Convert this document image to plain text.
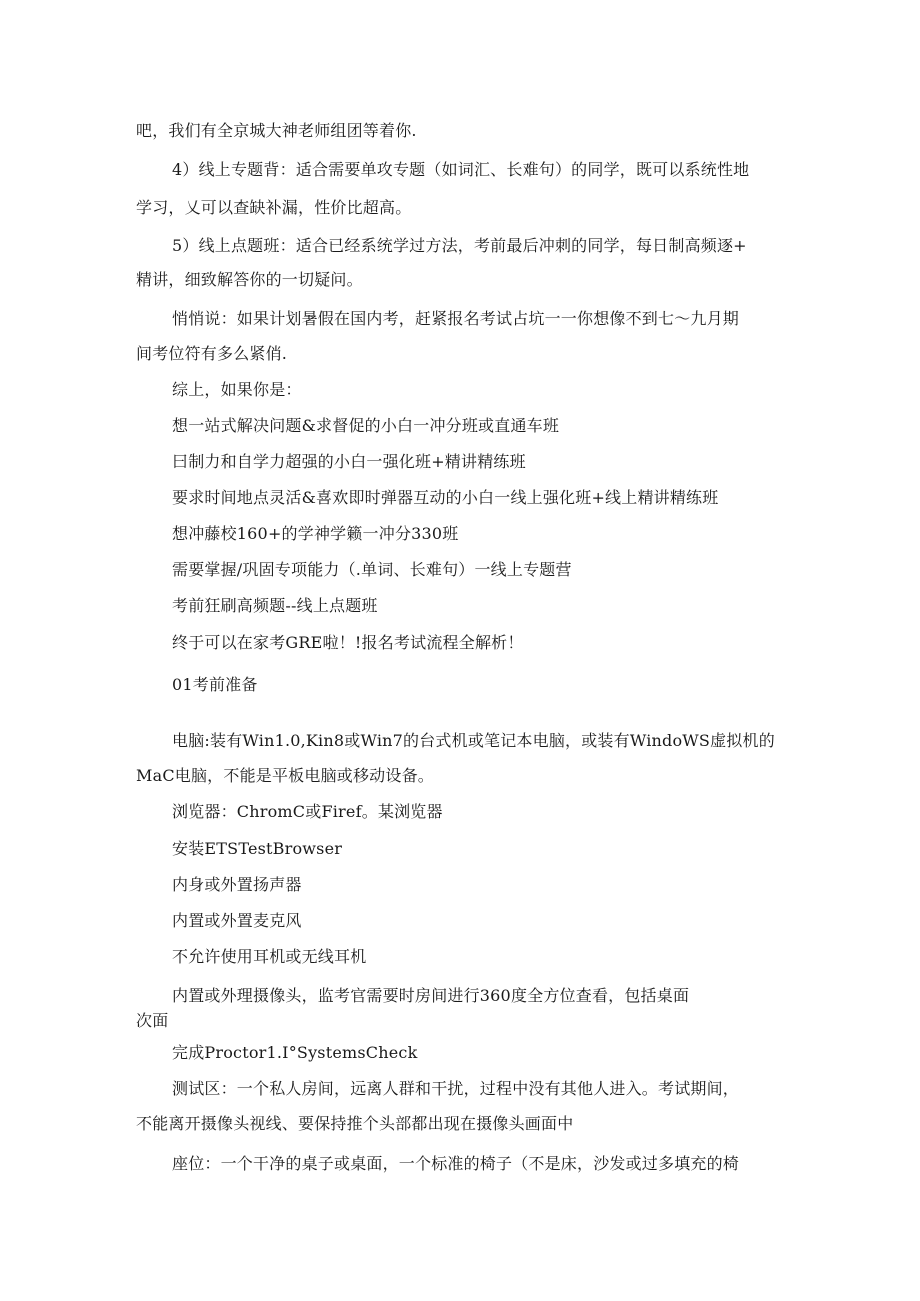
吧，我们有全京城大神老师组团等着你.
4）线上专题背：适合需要单攻专题（如词汇、长难句）的同学，既可以系统性地
学习，乂可以查缺补漏，性价比超高。
5）线上点题班：适合已经系统学过方法，考前最后冲刺的同学，每日制高频逐+
精讲，细致解答你的一切疑问。
悄悄说：如果计划暑假在国内考，赶紧报名考试占坑一一你想像不到七～九月期
间考位符有多么紧俏.
综上，如果你是：
想一站式解决问题&求督促的小白一冲分班或直通车班
曰制力和自学力超强的小白一强化班+精讲精练班
要求时间地点灵活&喜欢即时弹器互动的小白一线上强化班+线上精讲精练班
想冲藤校160+的学神学籁一冲分330班
需要掌握/巩固专项能力（.单词、长难句）一线上专题营
考前狂刷高频题--线上点题班
终于可以在家考GRE啦！!报名考试流程全解析！
01考前准备
电脑:装有Win1.0,Kin8或Win7的台式机或笔记本电脑，或装有WindoWS虚拟机的
MaC电脑，不能是平板电脑或移动设备。
浏览器：ChromC或Firef。某浏览器
安装ETSTestBrowser
内身或外置扬声器
内置或外置麦克风
不允许使用耳机或无线耳机
内置或外理摄像头，监考官需要时房间进行360度全方位查看，包括桌面
次面
完成Proctor1.I°SystemsCheck
测试区：一个私人房间，远离人群和干扰，过程中没有其他人进入。考试期间，
不能离开摄像头视线、要保持推个头部都出现在摄像头画面中
座位：一个干净的桌子或桌面，一个标准的椅子（不是床，沙发或过多填充的椅
